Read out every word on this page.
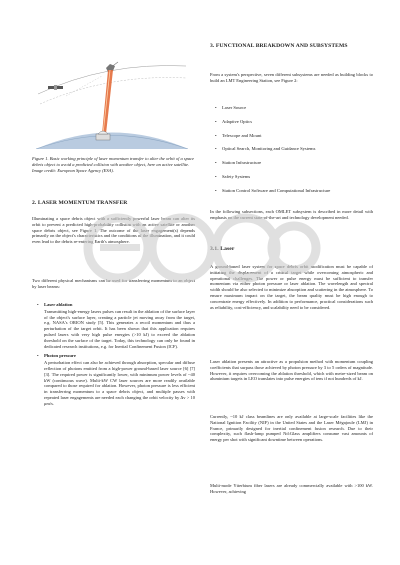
Figure 1. Basic working principle of laser momentum transfer to alter the orbit of a space debris object to avoid a predicted collision with another object, here an active satellite. Image credit: European Space Agency (ESA).

2. LASER MOMENTUM TRANSFER

Illuminating a space debris object with a sufficiently powerful laser beam can alter its orbit to prevent a predicted high-probability collision with an active satellite or another space debris object, see Figure 1. The outcome of the laser engagement(s) depends primarily on the object's characteristics and the conditions of the illumination, and it could even lead to the debris re-entering Earth's atmosphere.

Two different physical mechanisms can be used for transferring momentum to an object by laser beams:

• Laser ablation
Transmitting high-energy lasers pulses can result in the ablation of the surface layer of the object's surface layer, creating a particle jet moving away from the target, e.g. NASA's ORION study [5]. This generates a recoil momentum and thus a perturbation of the target orbit. It has been shown that this application requires pulsed lasers with very high pulse energies (>10 kJ) to exceed the ablation threshold on the surface of the target. Today, this technology can only be found in dedicated research institutions, e.g. for Inertial Confinement Fusion (ICF).
• Photon pressure
A perturbation effect can also be achieved through absorption, specular and diffuse reflection of photons emitted from a high-power ground-based laser source [6] [7] [3]. The required power is significantly lower, with minimum power levels of ~40 kW (continuous wave). Multi-kW CW laser sources are more readily available compared to those required for ablation. However, photon pressure is less efficient in transferring momentum to a space debris object, and multiple passes with repeated laser engagements are needed each changing the orbit velocity by Δv > 10 μm/s.

3. FUNCTIONAL BREAKDOWN AND SUBSYSTEMS

From a system's perspective, seven different subsystems are needed as building blocks to build an LMT Engineering Station, see Figure 2:

• Laser Source
• Adaptive Optics
• Telescope and Mount
• Optical Search, Monitoring and Guidance Systems
• Station Infrastructure
• Safety Systems
• Station Control Software and Computational Infrastructure

In the following subsections, each OMLET subsystem is described in more detail with emphasis on the current state-of-the-art and technology development needed.

3.1. Laser

A ground-based laser system for space debris orbit modification must be capable of initiating the displacement of a critical target while overcoming atmospheric and operational challenges. The power or pulse energy must be sufficient to transfer momentum via either photon pressure or laser ablation. The wavelength and spectral width should be also selected to minimize absorption and scattering in the atmosphere. To ensure maximum impact on the target, the beam quality must be high enough to concentrate energy effectively. In addition to performance, practical considerations such as reliability, cost-efficiency, and scalability need to be considered.

Laser ablation presents an attractive as a propulsion method with momentum coupling coefficients that surpass those achieved by photon pressure by 3 to 5 orders of magnitude. However, it requires overcoming the ablation threshold, which with metre-sized beam on aluminium targets in LEO translates into pulse energies of tens if not hundreds of kJ.

Currently, ~10 kJ class beamlines are only available at large-scale facilities like the National Ignition Facility (NIF) in the United States and the Laser Mégajoule (LMJ) in France, primarily designed for inertial confinement fusion research. Due to their complexity, such flash-lamp pumped Nd:Glass amplifiers consume vast amounts of energy per shot with significant downtime between operations.

Multi-mode Ytterbium fiber lasers are already commercially available with >100 kW. However, achieving
